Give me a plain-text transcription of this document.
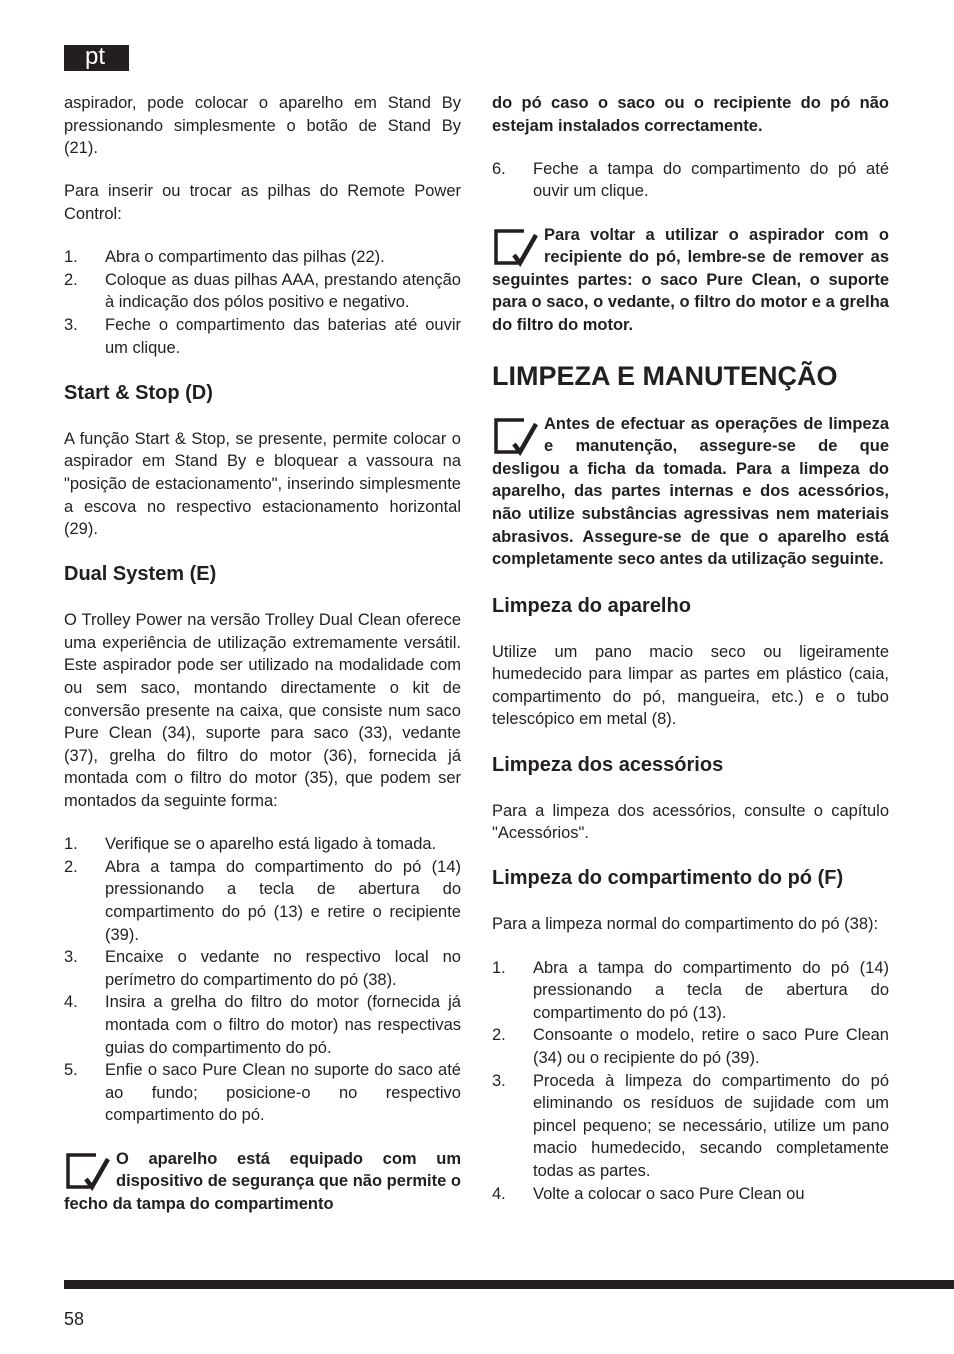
pt

aspirador, pode colocar o aparelho em Stand By pressionando simplesmente o botão de Stand By (21).

Para inserir ou trocar as pilhas do Remote Power Control:

1. Abra o compartimento das pilhas (22).
2. Coloque as duas pilhas AAA, prestando atenção à indicação dos pólos positivo e negativo.
3. Feche o compartimento das baterias até ouvir um clique.
Start & Stop (D)

A função Start & Stop, se presente, permite colocar o aspirador em Stand By e bloquear a vassoura na "posição de estacionamento", inserindo simplesmente a escova no respectivo estacionamento horizontal (29).

Dual System (E)

O Trolley Power na versão Trolley Dual Clean oferece uma experiência de utilização extremamente versátil. Este aspirador pode ser utilizado na modalidade com ou sem saco, montando directamente o kit de conversão presente na caixa, que consiste num saco Pure Clean (34), suporte para saco (33), vedante (37), grelha do filtro do motor (36), fornecida já montada com o filtro do motor (35), que podem ser montados da seguinte forma:

1. Verifique se o aparelho está ligado à tomada.
2. Abra a tampa do compartimento do pó (14) pressionando a tecla de abertura do compartimento do pó (13) e retire o recipiente (39).
3. Encaixe o vedante no respectivo local no perímetro do compartimento do pó (38).
4. Insira a grelha do filtro do motor (fornecida já montada com o filtro do motor) nas respectivas guias do compartimento do pó.
5. Enfie o saco Pure Clean no suporte do saco até ao fundo; posicione-o no respectivo compartimento do pó.
O aparelho está equipado com um dispositivo de segurança que não permite o fecho da tampa do compartimento

do pó caso o saco ou o recipiente do pó não estejam instalados correctamente.

6. Feche a tampa do compartimento do pó até ouvir um clique.
Para voltar a utilizar o aspirador com o recipiente do pó, lembre-se de remover as seguintes partes: o saco Pure Clean, o suporte para o saco, o vedante, o filtro do motor e a grelha do filtro do motor.
LIMPEZA E MANUTENÇÃO
Antes de efectuar as operações de limpeza e manutenção, assegure-se de que desligou a ficha da tomada. Para a limpeza do aparelho, das partes internas e dos acessórios, não utilize substâncias agressivas nem materiais abrasivos. Assegure-se de que o aparelho está completamente seco antes da utilização seguinte.
Limpeza do aparelho

Utilize um pano macio seco ou ligeiramente humedecido para limpar as partes em plástico (caia, compartimento do pó, mangueira, etc.) e o tubo telescópico em metal (8).

Limpeza dos acessórios

Para a limpeza dos acessórios, consulte o capítulo "Acessórios".

Limpeza do compartimento do pó (F)

Para a limpeza normal do compartimento do pó (38):

1. Abra a tampa do compartimento do pó (14) pressionando a tecla de abertura do compartimento do pó (13).
2. Consoante o modelo, retire o saco Pure Clean (34) ou o recipiente do pó (39).
3. Proceda à limpeza do compartimento do pó eliminando os resíduos de sujidade com um pincel pequeno; se necessário, utilize um pano macio humedecido, secando completamente todas as partes.
4. Volte a colocar o saco Pure Clean ou
58
